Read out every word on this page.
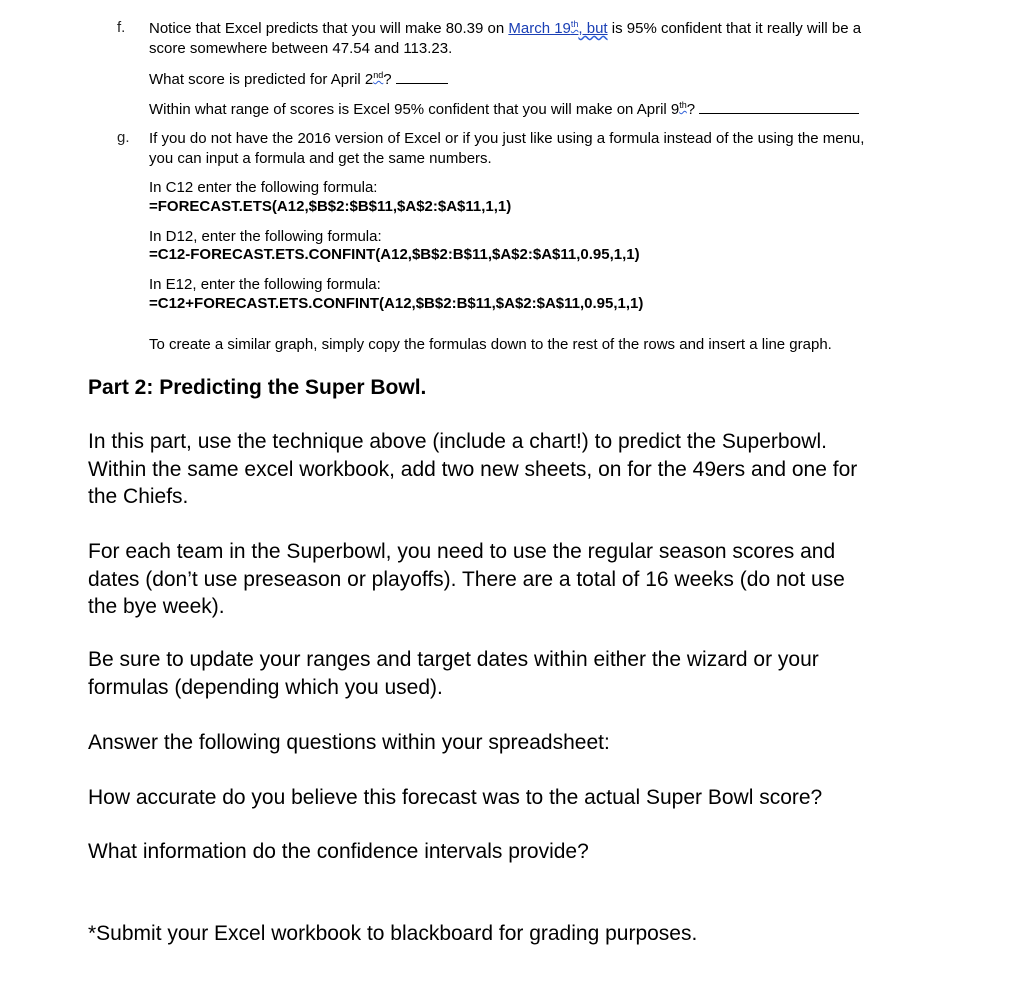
f. Notice that Excel predicts that you will make 80.39 on March 19th, but is 95% confident that it really will be a
score somewhere between 47.54 and 113.23.
What score is predicted for April 2nd?
Within what range of scores is Excel 95% confident that you will make on April 9th?
g. If you do not have the 2016 version of Excel or if you just like using a formula instead of the using the menu,
you can input a formula and get the same numbers.
In C12 enter the following formula:
=FORECAST.ETS(A12,$B$2:$B$11,$A$2:$A$11,1,1)
In D12, enter the following formula:
=C12-FORECAST.ETS.CONFINT(A12,$B$2:B$11,$A$2:$A$11,0.95,1,1)
In E12, enter the following formula:
=C12+FORECAST.ETS.CONFINT(A12,$B$2:B$11,$A$2:$A$11,0.95,1,1)
To create a similar graph, simply copy the formulas down to the rest of the rows and insert a line graph.
Part 2: Predicting the Super Bowl.
In this part, use the technique above (include a chart!) to predict the Superbowl.
Within the same excel workbook, add two new sheets, on for the 49ers and one for
the Chiefs.
For each team in the Superbowl, you need to use the regular season scores and
dates (don’t use preseason or playoffs). There are a total of 16 weeks (do not use
the bye week).
Be sure to update your ranges and target dates within either the wizard or your
formulas (depending which you used).
Answer the following questions within your spreadsheet:
How accurate do you believe this forecast was to the actual Super Bowl score?
What information do the confidence intervals provide?
*Submit your Excel workbook to blackboard for grading purposes.
